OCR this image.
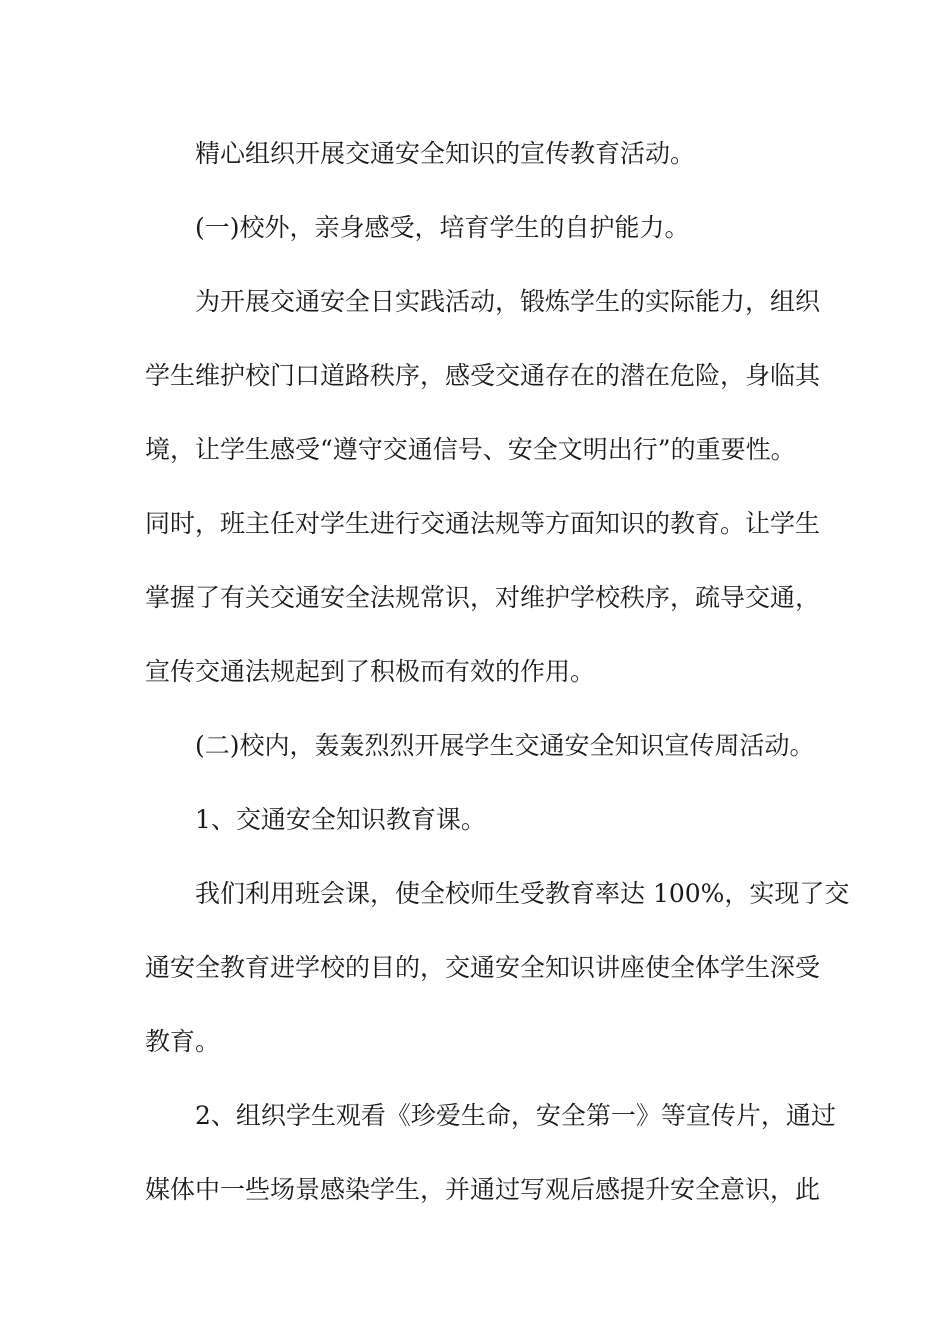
精心组织开展交通安全知识的宣传教育活动。
(一)校外，亲身感受，培育学生的自护能力。
为开展交通安全日实践活动，锻炼学生的实际能力，组织
学生维护校门口道路秩序，感受交通存在的潜在危险，身临其
境，让学生感受“遵守交通信号、安全文明出行”的重要性。
同时，班主任对学生进行交通法规等方面知识的教育。让学生
掌握了有关交通安全法规常识，对维护学校秩序，疏导交通，
宣传交通法规起到了积极而有效的作用。
(二)校内，轰轰烈烈开展学生交通安全知识宣传周活动。
1、交通安全知识教育课。
我们利用班会课，使全校师生受教育率达 100%，实现了交
通安全教育进学校的目的，交通安全知识讲座使全体学生深受
教育。
2、组织学生观看《珍爱生命，安全第一》等宣传片，通过
媒体中一些场景感染学生，并通过写观后感提升安全意识，此
